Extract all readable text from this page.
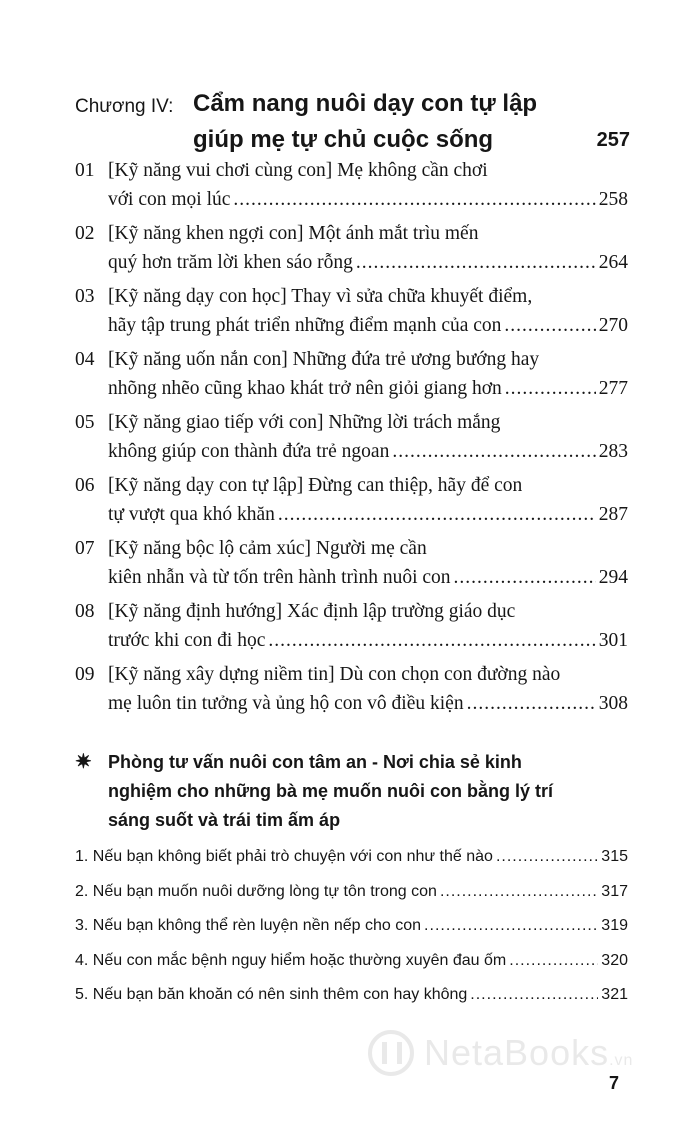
Chương IV: Cẩm nang nuôi dạy con tự lập
giúp mẹ tự chủ cuộc sống	257
01 [Kỹ năng vui chơi cùng con] Mẹ không cần chơi
với con mọi lúc .....	258
02 [Kỹ năng khen ngợi con] Một ánh mắt trìu mến
quý hơn trăm lời khen sáo rỗng .....	264
03 [Kỹ năng dạy con học] Thay vì sửa chữa khuyết điểm,
hãy tập trung phát triển những điểm mạnh của con .....	270
04 [Kỹ năng uốn nắn con] Những đứa trẻ ương bướng hay
nhõng nhẽo cũng khao khát trở nên giỏi giang hơn .....	277
05 [Kỹ năng giao tiếp với con] Những lời trách mắng
không giúp con thành đứa trẻ ngoan .....	283
06 [Kỹ năng dạy con tự lập] Đừng can thiệp, hãy để con
tự vượt qua khó khăn .....	287
07 [Kỹ năng bộc lộ cảm xúc] Người mẹ cần
kiên nhẫn và từ tốn trên hành trình nuôi con .....	294
08 [Kỹ năng định hướng] Xác định lập trường giáo dục
trước khi con đi học .....	301
09 [Kỹ năng xây dựng niềm tin] Dù con chọn con đường nào
mẹ luôn tin tưởng và ủng hộ con vô điều kiện .....	308
✷ Phòng tư vấn nuôi con tâm an - Nơi chia sẻ kinh
nghiệm cho những bà mẹ muốn nuôi con bằng lý trí
sáng suốt và trái tim ấm áp
1. Nếu bạn không biết phải trò chuyện với con như thế nào .....	315
2. Nếu bạn muốn nuôi dưỡng lòng tự tôn trong con .....	317
3. Nếu bạn không thể rèn luyện nền nếp cho con .....	319
4. Nếu con mắc bệnh nguy hiểm hoặc thường xuyên đau ốm .....	320
5. Nếu bạn băn khoăn có nên sinh thêm con hay không .....	321
NetaBooks.vn
7
